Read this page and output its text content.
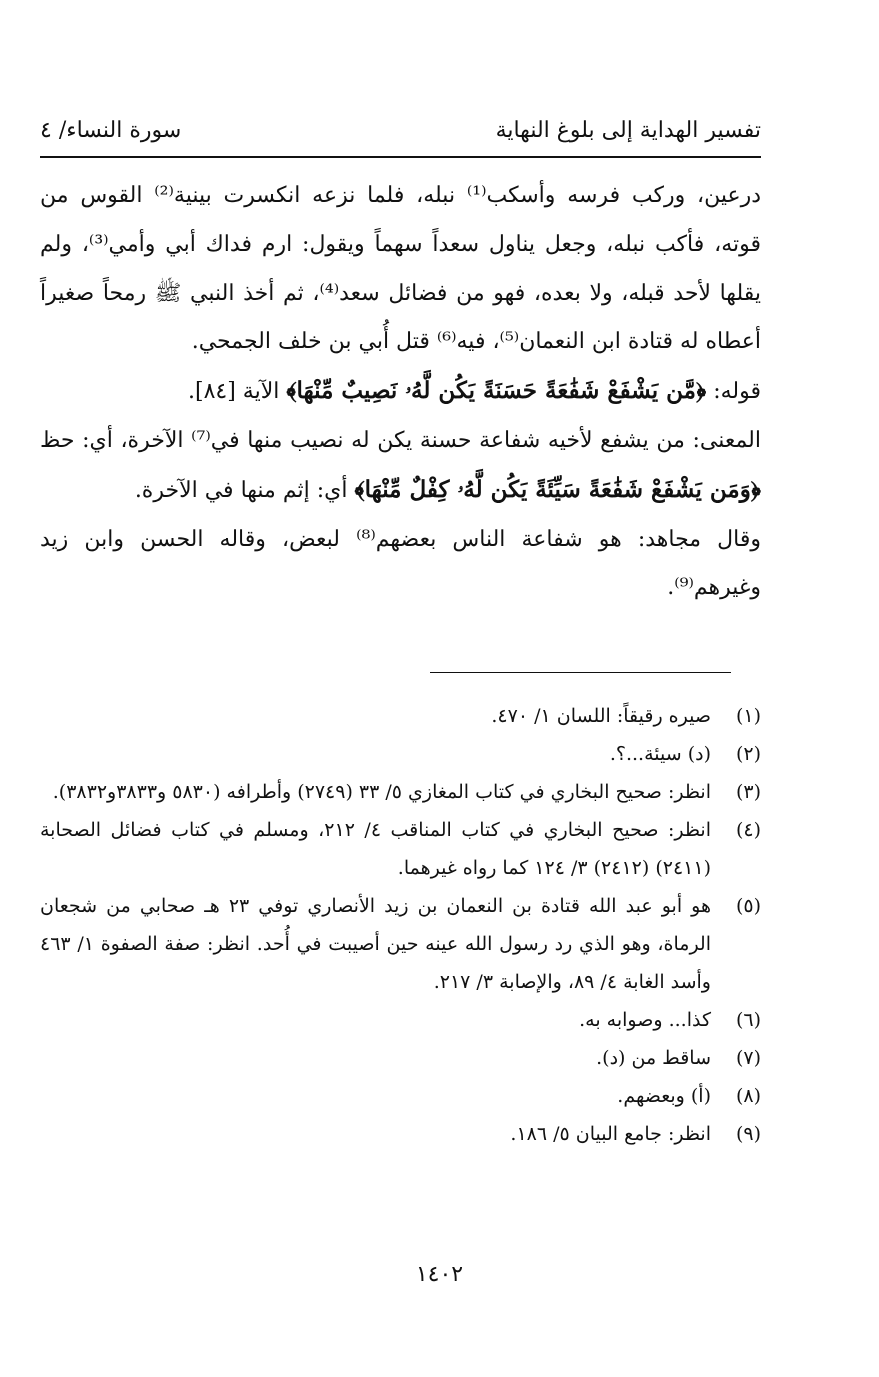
تفسير الهداية إلى بلوغ النهاية
سورة النساء/ ٤

درعين، وركب فرسه وأسكب⁽¹⁾ نبله، فلما نزعه انكسرت بينية⁽²⁾ القوس من قوته، فأكب نبله، وجعل يناول سعداً سهماً ويقول: ارم فداك أبي وأمي⁽³⁾، ولم يقلها لأحد قبله، ولا بعده، فهو من فضائل سعد⁽⁴⁾، ثم أخذ النبي ﷺ رمحاً صغيراً أعطاه له قتادة ابن النعمان⁽⁵⁾، فيه⁽⁶⁾ قتل أُبي بن خلف الجمحي.

قوله: ﴿مَّن يَشْفَعْ شَفَٰعَةً حَسَنَةً يَكُن لَّهُۥ نَصِيبٌ مِّنْهَا﴾ الآية [٨٤].

المعنى: من يشفع لأخيه شفاعة حسنة يكن له نصيب منها في⁽⁷⁾ الآخرة، أي: حظ ﴿وَمَن يَشْفَعْ شَفَٰعَةً سَيِّئَةً يَكُن لَّهُۥ كِفْلٌ مِّنْهَا﴾ أي: إثم منها في الآخرة.

وقال مجاهد: هو شفاعة الناس بعضهم⁽⁸⁾ لبعض، وقاله الحسن وابن زيد وغيرهم⁽⁹⁾.

(١)
صيره رقيقاً: اللسان ١/ ٤٧٠.
(٢)
(د) سيئة...؟.
(٣)
انظر: صحيح البخاري في كتاب المغازي ٥/ ٣٣ (٢٧٤٩) وأطرافه (٥٨٣٠ و٣٨٣٣و٣٨٣٢).
(٤)
انظر: صحيح البخاري في كتاب المناقب ٤/ ٢١٢، ومسلم في كتاب فضائل الصحابة (٢٤١١) (٢٤١٢) ٣/ ١٢٤ كما رواه غيرهما.
(٥)
هو أبو عبد الله قتادة بن النعمان بن زيد الأنصاري توفي ٢٣ هـ صحابي من شجعان الرماة، وهو الذي رد رسول الله عينه حين أصيبت في أُحد. انظر: صفة الصفوة ١/ ٤٦٣ وأسد الغابة ٤/ ٨٩، والإصابة ٣/ ٢١٧.
(٦)
كذا... وصوابه به.
(٧)
ساقط من (د).
(٨)
(أ) وبعضهم.
(٩)
انظر: جامع البيان ٥/ ١٨٦.
١٤٠٢
